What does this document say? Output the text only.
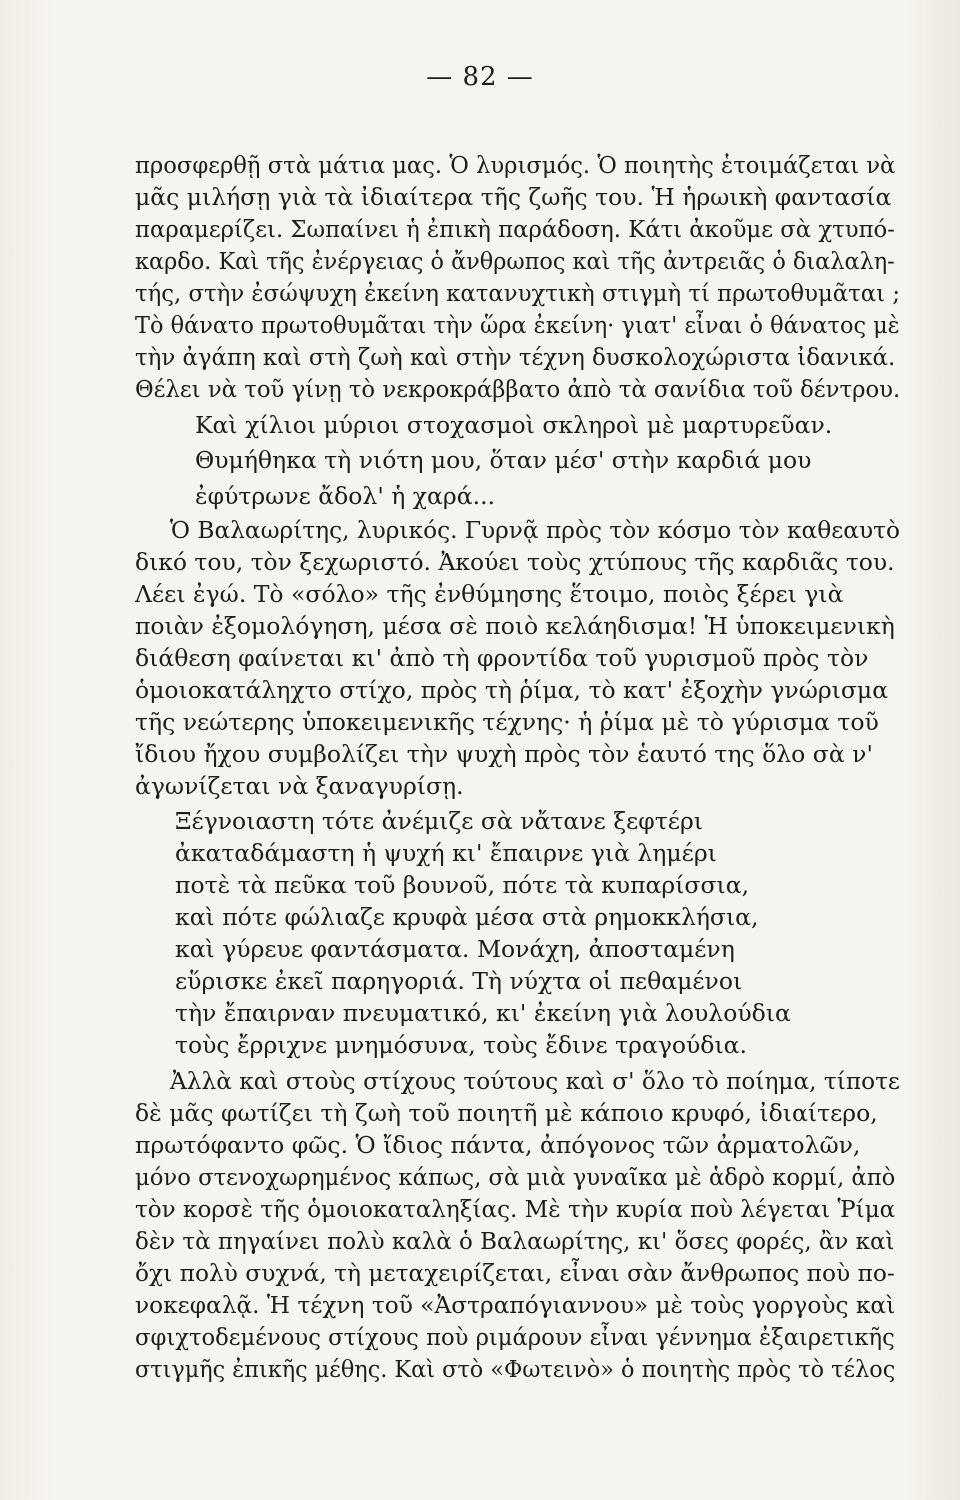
— 82 —
προσφερθῇ στὰ μάτια μας. Ὁ λυρισμός. Ὁ ποιητὴς ἑτοιμάζεται νὰ
μᾶς μιλήσῃ γιὰ τὰ ἰδιαίτερα τῆς ζωῆς του. Ἡ ἡρωικὴ φαντασία
παραμερίζει. Σωπαίνει ἡ ἐπικὴ παράδοση. Κάτι ἀκοῦμε σὰ χτυπό-
καρδο. Καὶ τῆς ἐνέργειας ὁ ἄνθρωπος καὶ τῆς ἀντρειᾶς ὁ διαλαλη-
τής, στὴν ἐσώψυχη ἐκείνη κατανυχτικὴ στιγμὴ τί πρωτοθυμᾶται ;
Τὸ θάνατο πρωτοθυμᾶται τὴν ὥρα ἐκείνη· γιατ' εἶναι ὁ θάνατος μὲ
τὴν ἀγάπη καὶ στὴ ζωὴ καὶ στὴν τέχνη δυσκολοχώριστα ἰδανικά.
Θέλει νὰ τοῦ γίνῃ τὸ νεκροκράββατο ἀπὸ τὰ σανίδια τοῦ δέντρου.
Καὶ χίλιοι μύριοι στοχασμοὶ σκληροὶ μὲ μαρτυρεῦαν.
Θυμήθηκα τὴ νιότη μου, ὅταν μέσ' στὴν καρδιά μου
ἐφύτρωνε ἄδολ' ἡ χαρά...
Ὁ Βαλαωρίτης, λυρικός. Γυρνᾷ πρὸς τὸν κόσμο τὸν καθεαυτὸ
δικό του, τὸν ξεχωριστό. Ἀκούει τοὺς χτύπους τῆς καρδιᾶς του.
Λέει ἐγώ. Τὸ «σόλο» τῆς ἐνθύμησης ἕτοιμο, ποιὸς ξέρει γιὰ
ποιὰν ἐξομολόγηση, μέσα σὲ ποιὸ κελάηδισμα! Ἡ ὑποκειμενικὴ
διάθεση φαίνεται κι' ἀπὸ τὴ φροντίδα τοῦ γυρισμοῦ πρὸς τὸν
ὁμοιοκατάληχτο στίχο, πρὸς τὴ ῥίμα, τὸ κατ' ἐξοχὴν γνώρισμα
τῆς νεώτερης ὑποκειμενικῆς τέχνης· ἡ ῥίμα μὲ τὸ γύρισμα τοῦ
ἴδιου ἤχου συμβολίζει τὴν ψυχὴ πρὸς τὸν ἑαυτό της ὅλο σὰ ν'
ἀγωνίζεται νὰ ξαναγυρίσῃ.
Ξέγνοιαστη τότε ἀνέμιζε σὰ νἄτανε ξεφτέρι
ἀκαταδάμαστη ἡ ψυχή κι' ἔπαιρνε γιὰ λημέρι
ποτὲ τὰ πεῦκα τοῦ βουνοῦ, πότε τὰ κυπαρίσσια,
καὶ πότε φώλιαζε κρυφὰ μέσα στὰ ρημοκκλήσια,
καὶ γύρευε φαντάσματα. Μονάχη, ἀποσταμένη
εὕρισκε ἐκεῖ παρηγοριά. Τὴ νύχτα οἱ πεθαμένοι
τὴν ἔπαιρναν πνευματικό, κι' ἐκείνη γιὰ λουλούδια
τοὺς ἔρριχνε μνημόσυνα, τοὺς ἔδινε τραγούδια.
Ἀλλὰ καὶ στοὺς στίχους τούτους καὶ σ' ὅλο τὸ ποίημα, τίποτε
δὲ μᾶς φωτίζει τὴ ζωὴ τοῦ ποιητῆ μὲ κάποιο κρυφό, ἰδιαίτερο,
πρωτόφαντο φῶς. Ὁ ἴδιος πάντα, ἀπόγονος τῶν ἀρματολῶν,
μόνο στενοχωρημένος κάπως, σὰ μιὰ γυναῖκα μὲ ἁδρὸ κορμί, ἀπὸ
τὸν κορσὲ τῆς ὁμοιοκαταληξίας. Μὲ τὴν κυρία ποὺ λέγεται Ῥίμα
δὲν τὰ πηγαίνει πολὺ καλὰ ὁ Βαλαωρίτης, κι' ὅσες φορές, ἂν καὶ
ὄχι πολὺ συχνά, τὴ μεταχειρίζεται, εἶναι σὰν ἄνθρωπος ποὺ πο-
νοκεφαλᾷ. Ἡ τέχνη τοῦ «Ἀστραπόγιαννου» μὲ τοὺς γοργοὺς καὶ
σφιχτοδεμένους στίχους ποὺ ριμάρουν εἶναι γέννημα ἐξαιρετικῆς
στιγμῆς ἐπικῆς μέθης. Καὶ στὸ «Φωτεινὸ» ὁ ποιητὴς πρὸς τὸ τέλος
